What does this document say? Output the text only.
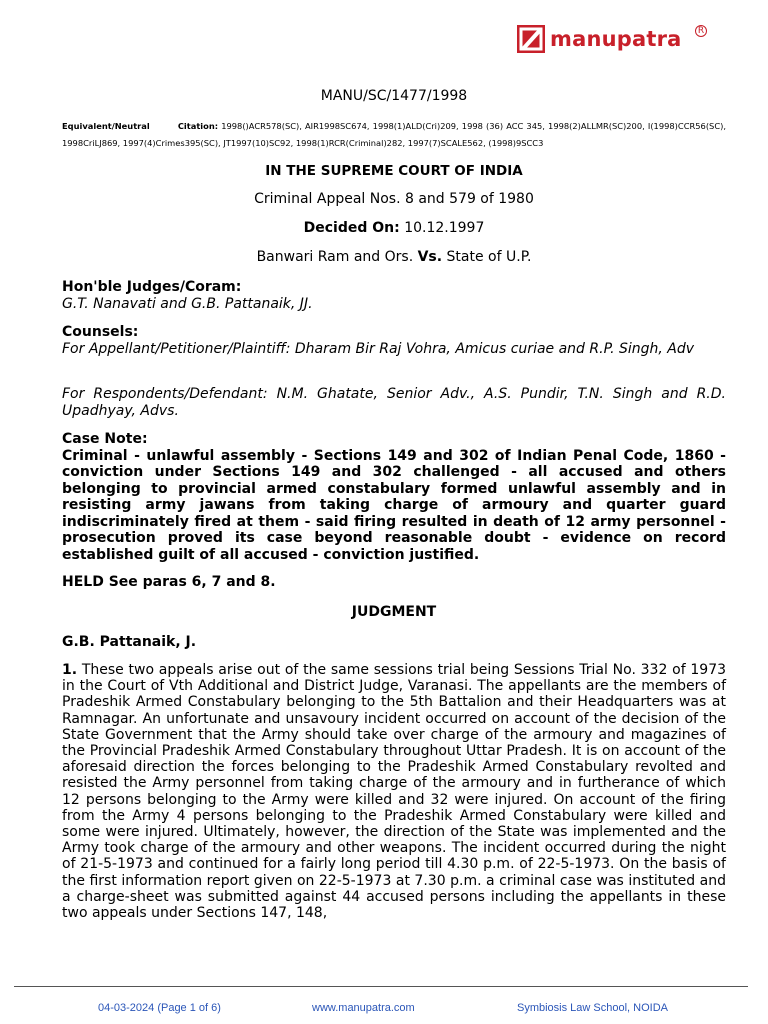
manupatra	R
MANU/SC/1477/1998
Equivalent/Neutral	Citation: 1998()ACR578(SC), AIR1998SC674, 1998(1)ALD(Cri)209, 1998 (36) ACC 345, 1998(2)ALLMR(SC)200, I(1998)CCR56(SC), 1998CriLJ869, 1997(4)Crimes395(SC), JT1997(10)SC92, 1998(1)RCR(Criminal)282, 1997(7)SCALE562, (1998)9SCC3
IN THE SUPREME COURT OF INDIA
Criminal Appeal Nos. 8 and 579 of 1980
Decided On: 10.12.1997
Banwari Ram and Ors. Vs. State of U.P.
Hon'ble Judges/Coram:
G.T. Nanavati and G.B. Pattanaik, JJ.
Counsels:
For Appellant/Petitioner/Plaintiff: Dharam Bir Raj Vohra, Amicus curiae and R.P. Singh, Adv
For Respondents/Defendant: N.M. Ghatate, Senior Adv., A.S. Pundir, T.N. Singh and R.D. Upadhyay, Advs.
Case Note:
Criminal - unlawful assembly - Sections 149 and 302 of Indian Penal Code, 1860 - conviction under Sections 149 and 302 challenged - all accused and others belonging to provincial armed constabulary formed unlawful assembly and in resisting army jawans from taking charge of armoury and quarter guard indiscriminately fired at them - said firing resulted in death of 12 army personnel - prosecution proved its case beyond reasonable doubt - evidence on record established guilt of all accused - conviction justified.
HELD See paras 6, 7 and 8.
JUDGMENT
G.B. Pattanaik, J.
1. These two appeals arise out of the same sessions trial being Sessions Trial No. 332 of 1973 in the Court of Vth Additional and District Judge, Varanasi. The appellants are the members of Pradeshik Armed Constabulary belonging to the 5th Battalion and their Headquarters was at Ramnagar. An unfortunate and unsavoury incident occurred on account of the decision of the State Government that the Army should take over charge of the armoury and magazines of the Provincial Pradeshik Armed Constabulary throughout Uttar Pradesh. It is on account of the aforesaid direction the forces belonging to the Pradeshik Armed Constabulary revolted and resisted the Army personnel from taking charge of the armoury and in furtherance of which 12 persons belonging to the Army were killed and 32 were injured. On account of the firing from the Army 4 persons belonging to the Pradeshik Armed Constabulary were killed and some were injured. Ultimately, however, the direction of the State was implemented and the Army took charge of the armoury and other weapons. The incident occurred during the night of 21-5-1973 and continued for a fairly long period till 4.30 p.m. of 22-5-1973. On the basis of the first information report given on 22-5-1973 at 7.30 p.m. a criminal case was instituted and a charge-sheet was submitted against 44 accused persons including the appellants in these two appeals under Sections 147, 148,
04-03-2024 (Page 1 of 6)	www.manupatra.com	Symbiosis Law School, NOIDA
